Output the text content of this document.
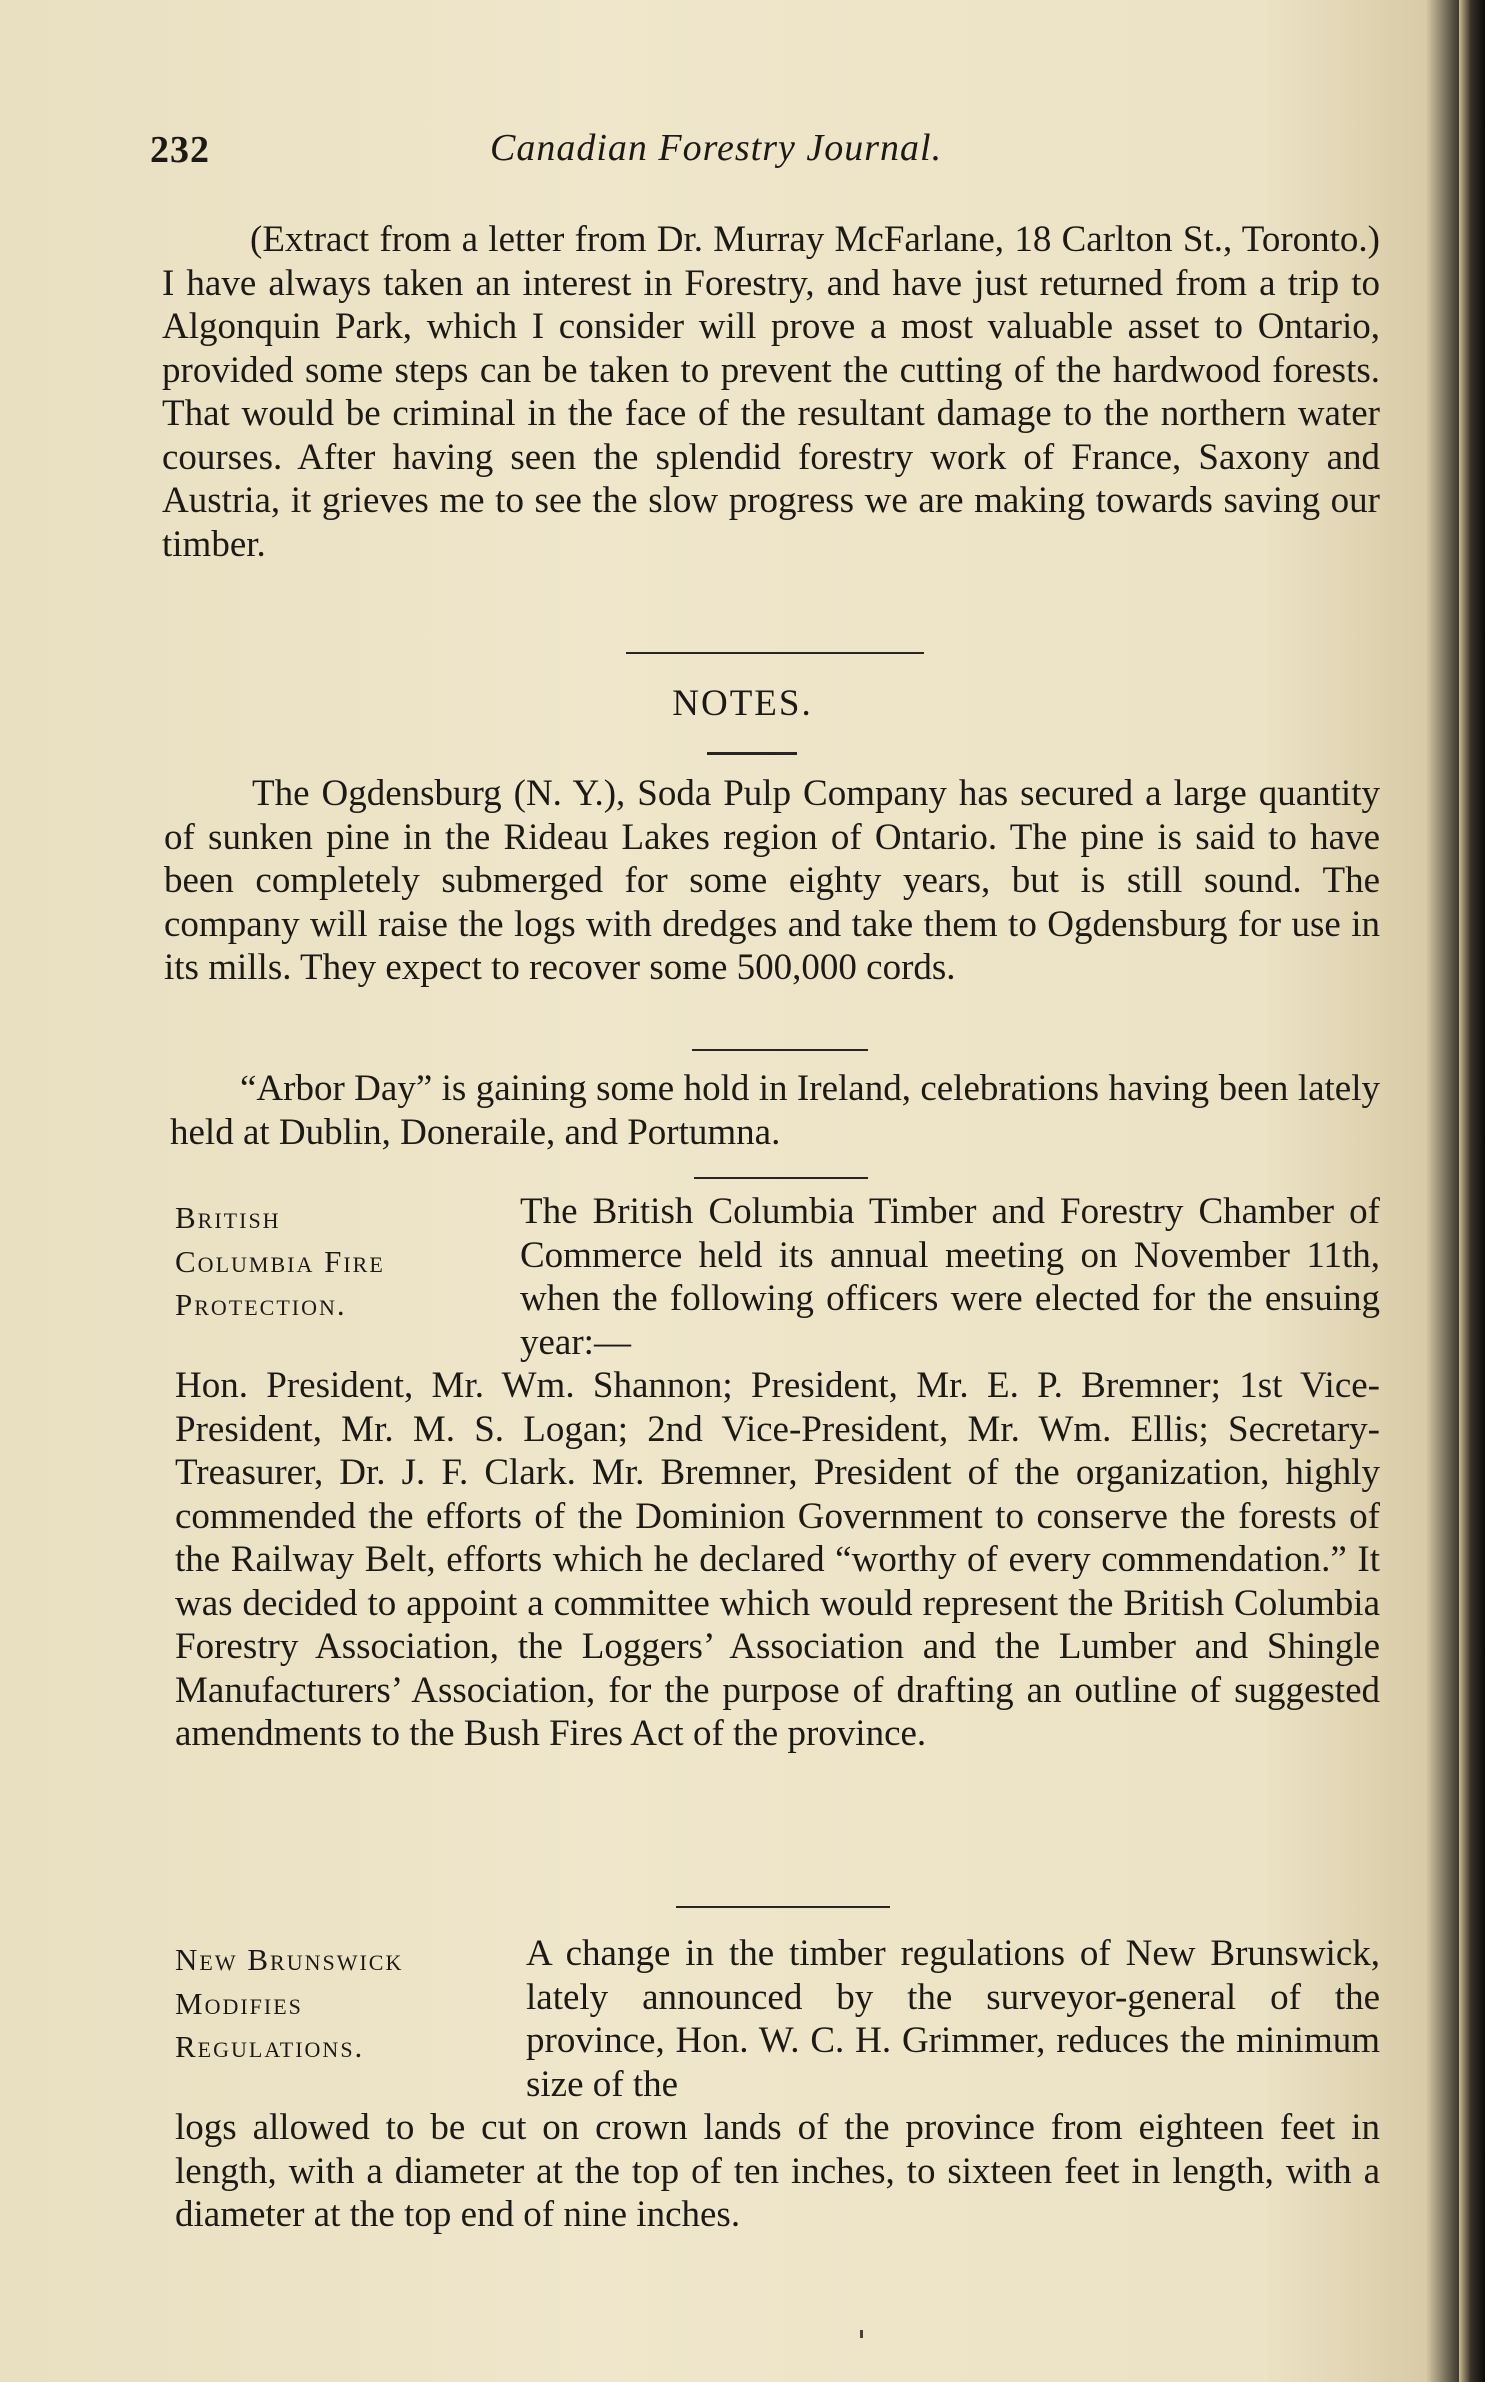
232	Canadian Forestry Journal.
(Extract from a letter from Dr. Murray McFarlane, 18 Carlton St., Toronto.) I have always taken an interest in Forestry, and have just returned from a trip to Algonquin Park, which I consider will prove a most valuable asset to Ontario, provided some steps can be taken to prevent the cutting of the hardwood forests. That would be criminal in the face of the resultant damage to the northern water courses. After having seen the splendid forestry work of France, Saxony and Austria, it grieves me to see the slow progress we are making towards saving our timber.
NOTES.
The Ogdensburg (N. Y.), Soda Pulp Company has secured a large quantity of sunken pine in the Rideau Lakes region of Ontario. The pine is said to have been completely submerged for some eighty years, but is still sound. The company will raise the logs with dredges and take them to Ogdensburg for use in its mills. They expect to recover some 500,000 cords.
“Arbor Day” is gaining some hold in Ireland, celebrations having been lately held at Dublin, Doneraile, and Portumna.
British
Columbia Fire
Protection.
The British Columbia Timber and Forestry Chamber of Commerce held its annual meeting on November 11th, when the following officers were elected for the ensuing year:—
Hon. President, Mr. Wm. Shannon; President, Mr. E. P. Bremner; 1st Vice-President, Mr. M. S. Logan; 2nd Vice-President, Mr. Wm. Ellis; Secretary-Treasurer, Dr. J. F. Clark. Mr. Bremner, President of the organization, highly commended the efforts of the Dominion Government to conserve the forests of the Railway Belt, efforts which he declared “worthy of every commendation.” It was decided to appoint a committee which would represent the British Columbia Forestry Association, the Loggers’ Association and the Lumber and Shingle Manufacturers’ Association, for the purpose of drafting an outline of suggested amendments to the Bush Fires Act of the province.
New Brunswick
Modifies
Regulations.
A change in the timber regulations of New Brunswick, lately announced by the surveyor-general of the province, Hon. W. C. H. Grimmer, reduces the minimum size of the
logs allowed to be cut on crown lands of the province from eighteen feet in length, with a diameter at the top of ten inches, to sixteen feet in length, with a diameter at the top end of nine inches.
